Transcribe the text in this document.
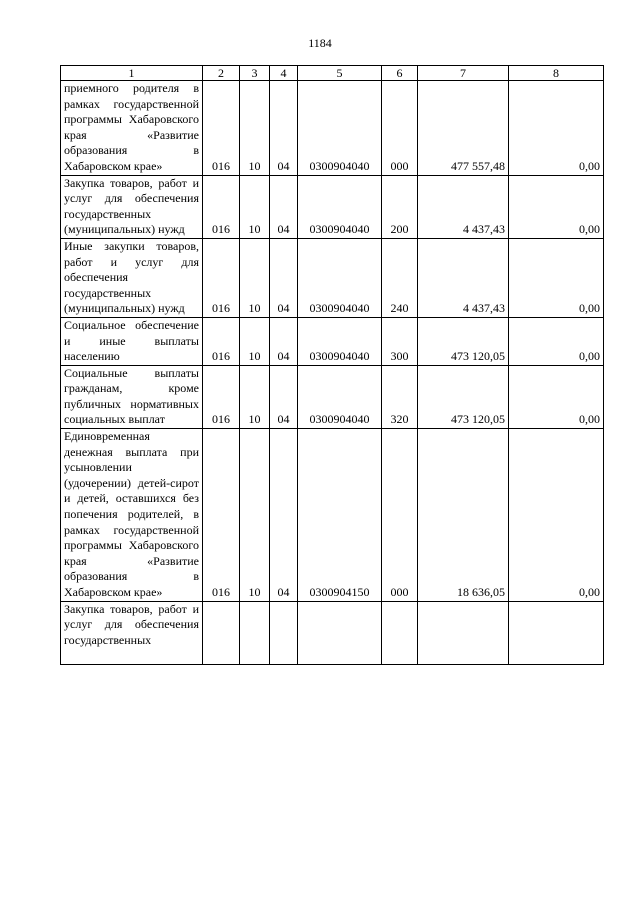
1184
1	2	3	4	5	6	7	8
приемного родителя в рамках государственной программы Хабаровского края «Развитие образования в Хабаровском крае»	016	10	04	0300904040	000	477 557,48	0,00
Закупка товаров, работ и услуг для обеспечения государственных (муниципальных) нужд	016	10	04	0300904040	200	4 437,43	0,00
Иные закупки товаров, работ и услуг для обеспечения государственных (муниципальных) нужд	016	10	04	0300904040	240	4 437,43	0,00
Социальное обеспечение и иные выплаты населению	016	10	04	0300904040	300	473 120,05	0,00
Социальные выплаты гражданам, кроме публичных нормативных социальных выплат	016	10	04	0300904040	320	473 120,05	0,00
Единовременная денежная выплата при усыновлении (удочерении) детей-сирот и детей, оставшихся без попечения родителей, в рамках государственной программы Хабаровского края «Развитие образования в Хабаровском крае»	016	10	04	0300904150	000	18 636,05	0,00
Закупка товаров, работ и услуг для обеспечения государственных							
